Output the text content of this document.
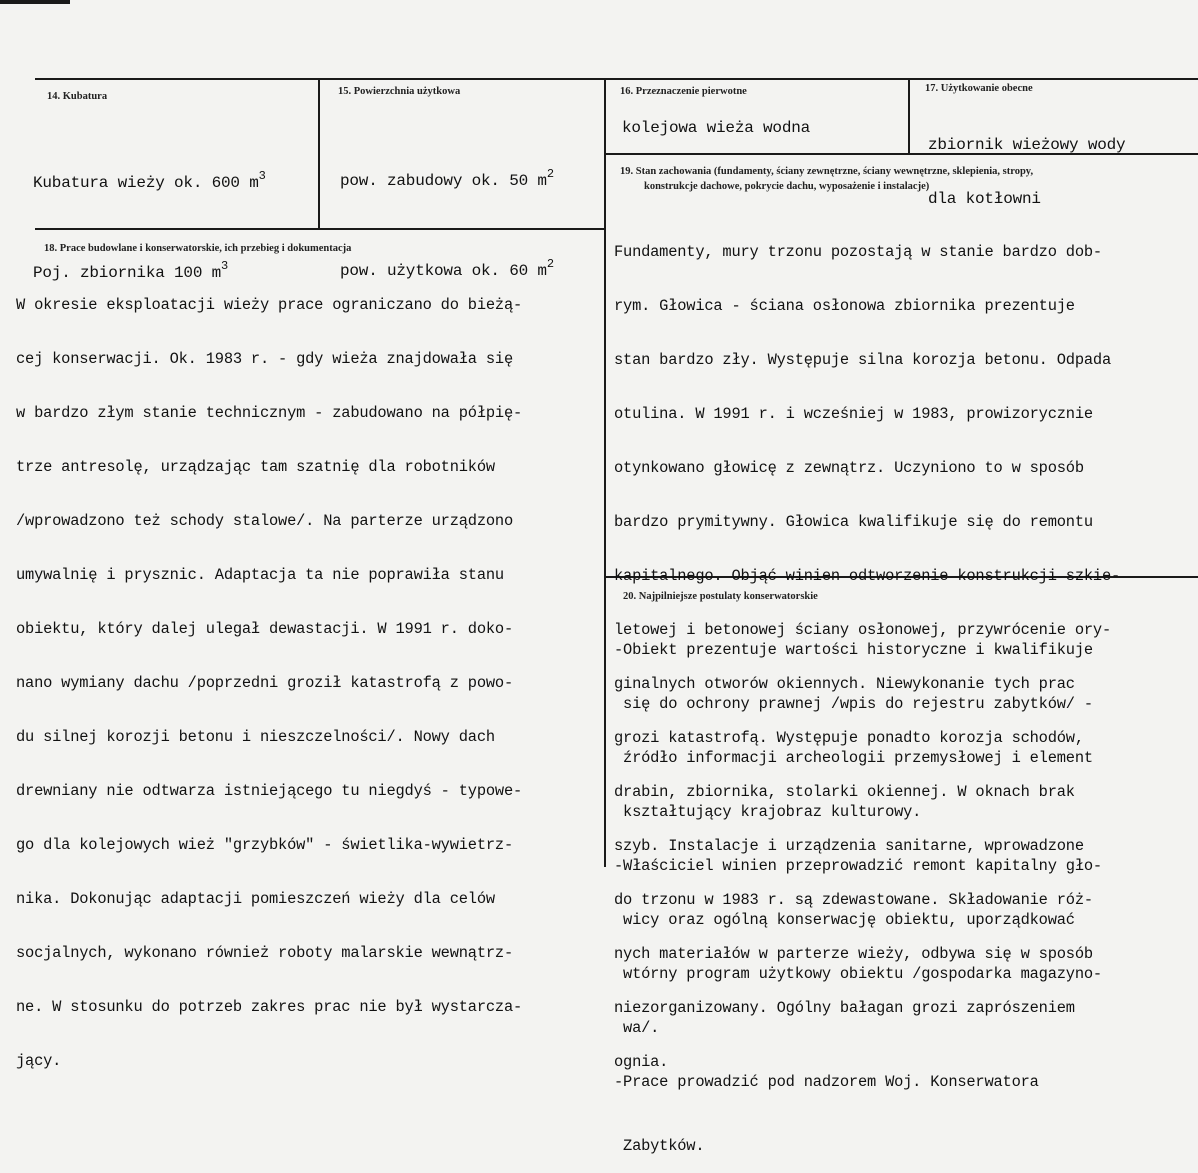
14. Kubatura

Kubatura wieży ok. 600 $m^3$

Poj. zbiornika 100 $m^3$

15. Powierzchnia użytkowa

pow. zabudowy ok. 50 $m^2$

pow. użytkowa ok. 60 $m^2$

16. Przeznaczenie pierwotne
kolejowa wieża wodna
17. Użytkowanie obecne

zbiornik wieżowy wody

dla kotłowni

18. Prace budowlane i konserwatorskie, ich przebieg i dokumentacja

W okresie eksploatacji wieży prace ograniczano do bieżą-

cej konserwacji. Ok. 1983 r. - gdy wieża znajdowała się

w bardzo złym stanie technicznym - zabudowano na półpię-

trze antresolę, urządzając tam szatnię dla robotników

/wprowadzono też schody stalowe/. Na parterze urządzono

umywalnię i prysznic. Adaptacja ta nie poprawiła stanu

obiektu, który dalej ulegał dewastacji. W 1991 r. doko-

nano wymiany dachu /poprzedni groził katastrofą z powo-

du silnej korozji betonu i nieszczelności/. Nowy dach

drewniany nie odtwarza istniejącego tu niegdyś - typowe-

go dla kolejowych wież "grzybków" - świetlika-wywietrz-

nika. Dokonując adaptacji pomieszczeń wieży dla celów

socjalnych, wykonano również roboty malarskie wewnątrz-

ne. W stosunku do potrzeb zakres prac nie był wystarcza-

jący.

19. Stan zachowania (fundamenty, ściany zewnętrzne, ściany wewnętrzne, sklepienia, stropy,
konstrukcje dachowe, pokrycie dachu, wyposażenie i instalacje)

Fundamenty, mury trzonu pozostają w stanie bardzo dob-

rym. Głowica - ściana osłonowa zbiornika prezentuje

stan bardzo zły. Występuje silna korozja betonu. Odpada

otulina. W 1991 r. i wcześniej w 1983, prowizorycznie

otynkowano głowicę z zewnątrz. Uczyniono to w sposób

bardzo prymitywny. Głowica kwalifikuje się do remontu

kapitalnego. Objąć winien odtworzenie konstrukcji szkie-

letowej i betonowej ściany osłonowej, przywrócenie ory-

ginalnych otworów okiennych. Niewykonanie tych prac

grozi katastrofą. Występuje ponadto korozja schodów,

drabin, zbiornika, stolarki okiennej. W oknach brak

szyb. Instalacje i urządzenia sanitarne, wprowadzone

do trzonu w 1983 r. są zdewastowane. Składowanie róż-

nych materiałów w parterze wieży, odbywa się w sposób

niezorganizowany. Ogólny bałagan grozi zaprószeniem

ognia.

20. Najpilniejsze postulaty konserwatorskie

-Obiekt prezentuje wartości historyczne i kwalifikuje

się do ochrony prawnej /wpis do rejestru zabytków/ -

źródło informacji archeologii przemysłowej i element

kształtujący krajobraz kulturowy.

-Właściciel winien przeprowadzić remont kapitalny gło-

wicy oraz ogólną konserwację obiektu, uporządkować

wtórny program użytkowy obiektu /gospodarka magazyno-

wa/.

-Prace prowadzić pod nadzorem Woj. Konserwatora

Zabytków.
